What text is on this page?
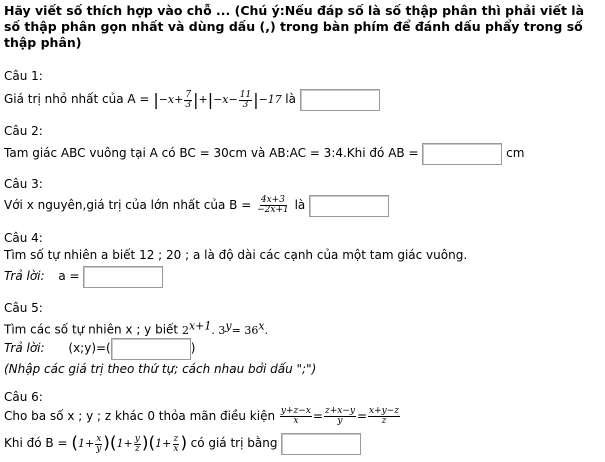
Hãy viết số thích hợp vào chỗ ... (Chú ý:Nếu đáp số là số thập phân thì phải viết là số thập phân gọn nhất và dùng dấu (,) trong bàn phím để đánh dấu phẩy trong số thập phân)
Câu 1:
Giá trị nhỏ nhất của $A = |-x+ \frac{7}{3} |+|-x- \frac{11}{3} |-17$ là
Câu 2:
Tam giác ABC vuông tại A có BC = 30cm và AB:AC = 3:4.Khi đó AB =	cm
Câu 3:
Với x nguyên,giá trị của lớn nhất của $B = \frac{4x+3}{-2x+1}$ là
Câu 4:
Tìm số tự nhiên a biết 12 ; 20 ; a là độ dài các cạnh của một tam giác vuông.
Trả lời: a =
Câu 5:
Tìm các số tự nhiên x ; y biết $2^{x+1}$. $3^y= 36^x$.
Trả lời: (x;y)=(	)
(Nhập các giá trị theo thứ tự; cách nhau bởi dấu ";")
Câu 6:
Cho ba số x ; y ; z khác 0 thỏa mãn điều kiện $\frac{y+z-x}{x} = \frac{z+x-y}{y} = \frac{x+y-z}{z}$
Khi đó $B = (1+ \frac{x}{y} )(1+ \frac{y}{z} )(1+ \frac{z}{x}$ ) có giá trị bằng
